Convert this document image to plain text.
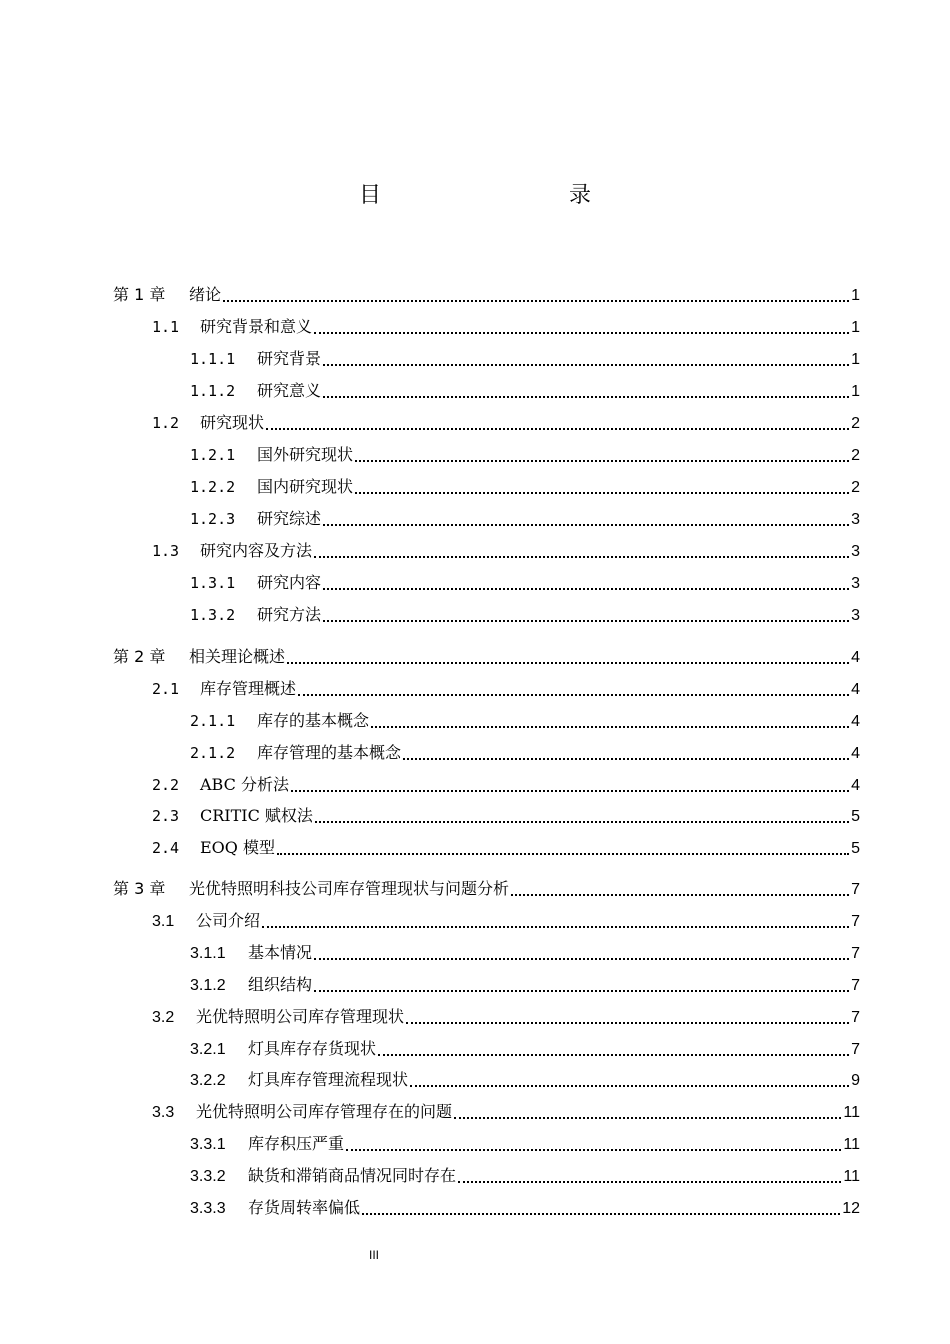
目　　录
第 1 章	绪论	1
1.1	研究背景和意义	1
1.1.1	研究背景	1
1.1.2	研究意义	1
1.2	研究现状	2
1.2.1	国外研究现状	2
1.2.2	国内研究现状	2
1.2.3	研究综述	3
1.3	研究内容及方法	3
1.3.1	研究内容	3
1.3.2	研究方法	3
第 2 章	相关理论概述	4
2.1	库存管理概述	4
2.1.1	库存的基本概念	4
2.1.2	库存管理的基本概念	4
2.2	ABC 分析法	4
2.3	CRITIC 赋权法	5
2.4	EOQ 模型	5
第 3 章	光优特照明科技公司库存管理现状与问题分析	7
3.1	公司介绍	7
3.1.1	基本情况	7
3.1.2	组织结构	7
3.2	光优特照明公司库存管理现状	7
3.2.1	灯具库存存货现状	7
3.2.2	灯具库存管理流程现状	9
3.3	光优特照明公司库存管理存在的问题	11
3.3.1	库存积压严重	11
3.3.2	缺货和滞销商品情况同时存在	11
3.3.3	存货周转率偏低	12
III
